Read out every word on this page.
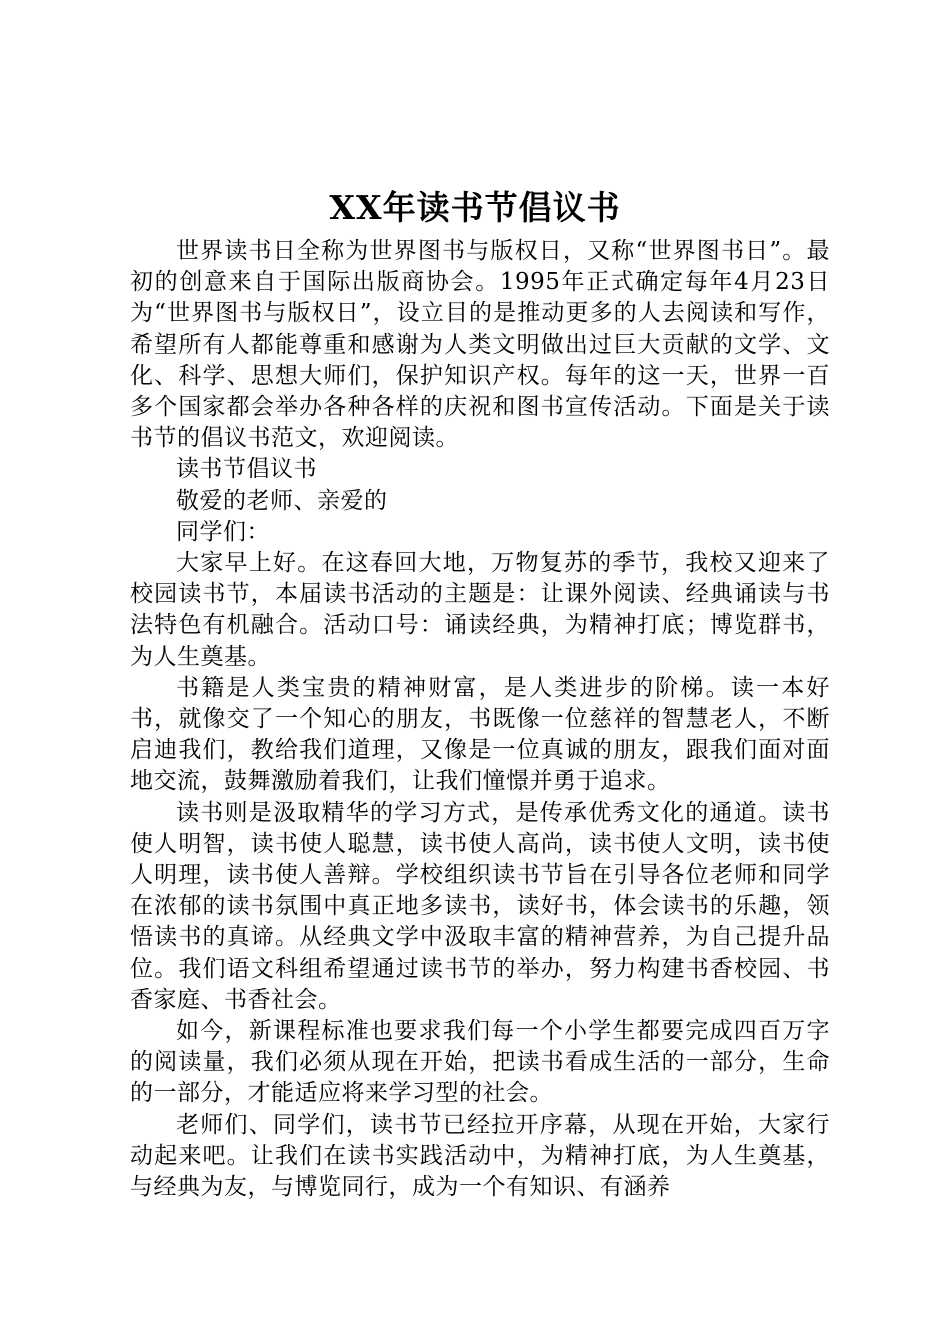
XX年读书节倡议书

世界读书日全称为世界图书与版权日，又称“世界图书日”。最初的创意来自于国际出版商协会。1995年正式确定每年4月23日为“世界图书与版权日”，设立目的是推动更多的人去阅读和写作，希望所有人都能尊重和感谢为人类文明做出过巨大贡献的文学、文化、科学、思想大师们，保护知识产权。每年的这一天，世界一百多个国家都会举办各种各样的庆祝和图书宣传活动。下面是关于读书节的倡议书范文，欢迎阅读。

读书节倡议书

敬爱的老师、亲爱的

同学们：

大家早上好。在这春回大地，万物复苏的季节，我校又迎来了校园读书节，本届读书活动的主题是：让课外阅读、经典诵读与书法特色有机融合。活动口号：诵读经典，为精神打底；博览群书，为人生奠基。

书籍是人类宝贵的精神财富，是人类进步的阶梯。读一本好书，就像交了一个知心的朋友，书既像一位慈祥的智慧老人，不断启迪我们，教给我们道理，又像是一位真诚的朋友，跟我们面对面地交流，鼓舞激励着我们，让我们憧憬并勇于追求。

读书则是汲取精华的学习方式，是传承优秀文化的通道。读书使人明智，读书使人聪慧，读书使人高尚，读书使人文明，读书使人明理，读书使人善辩。学校组织读书节旨在引导各位老师和同学在浓郁的读书氛围中真正地多读书，读好书，体会读书的乐趣，领悟读书的真谛。从经典文学中汲取丰富的精神营养，为自己提升品位。我们语文科组希望通过读书节的举办，努力构建书香校园、书香家庭、书香社会。

如今，新课程标准也要求我们每一个小学生都要完成四百万字的阅读量，我们必须从现在开始，把读书看成生活的一部分，生命的一部分，才能适应将来学习型的社会。

老师们、同学们，读书节已经拉开序幕，从现在开始，大家行动起来吧。让我们在读书实践活动中，为精神打底，为人生奠基，与经典为友，与博览同行，成为一个有知识、有涵养
